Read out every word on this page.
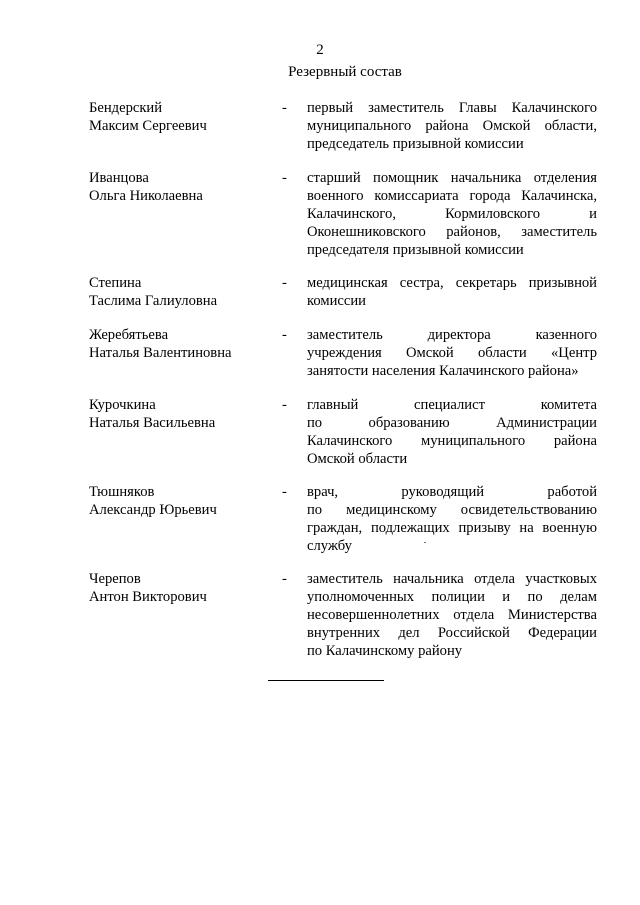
2
Резервный состав
Бендерский
Максим Сергеевич
- первый заместитель Главы Калачинского
муниципального района Омской области,
председатель призывной комиссии
Иванцова
Ольга Николаевна
- старший помощник начальника отделения
военного комиссариата города Калачинска,
Калачинского, Кормиловского и
Оконешниковского районов, заместитель
председателя призывной комиссии
Степина
Таслима Галиуловна
- медицинская сестра, секретарь призывной
комиссии
Жеребятьева
Наталья Валентиновна
- заместитель директора казенного
учреждения Омской области «Центр
занятости населения Калачинского района»
Курочкина
Наталья Васильевна
- главный специалист комитета
по образованию Администрации
Калачинского муниципального района
Омской области
Тюшняков
Александр Юрьевич
- врач, руководящий работой
по медицинскому освидетельствованию
граждан, подлежащих призыву на военную
службу
Черепов
Антон Викторович
- заместитель начальника отдела участковых
уполномоченных полиции и по делам
несовершеннолетних отдела Министерства
внутренних дел Российской Федерации
по Калачинскому району
